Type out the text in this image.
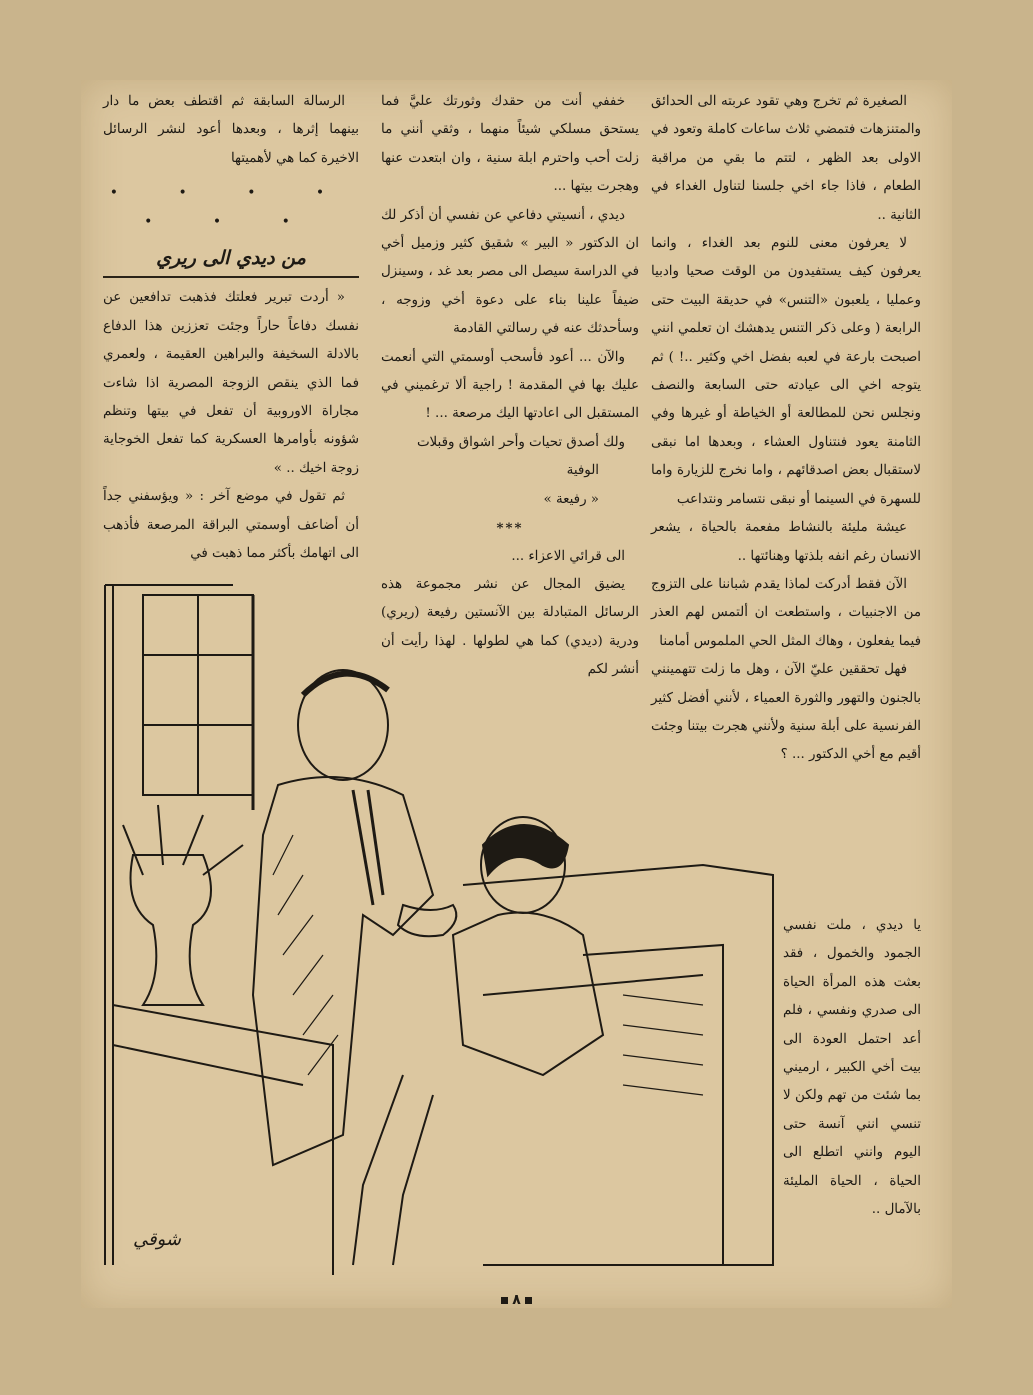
الصغيرة ثم تخرج وهي تقود عربته الى الحدائق والمتنزهات فتمضي ثلاث ساعات كاملة وتعود في الاولى بعد الظهر ، لتتم ما بقي من مراقبة الطعام ، فاذا جاء اخي جلسنا لتناول الغداء في الثانية ..

لا يعرفون معنى للنوم بعد الغداء ، وانما يعرفون كيف يستفيدون من الوقت صحيا وادبيا وعمليا ، يلعبون «التنس» في حديقة البيت حتى الرابعة ( وعلى ذكر التنس يدهشك ان تعلمي انني اصبحت بارعة في لعبه بفضل اخي وكثير ..! ) ثم يتوجه اخي الى عيادته حتى السابعة والنصف ونجلس نحن للمطالعة أو الخياطة أو غيرها وفي الثامنة يعود فنتناول العشاء ، وبعدها اما نبقى لاستقبال بعض اصدقائهم ، واما نخرج للزيارة واما للسهرة في السينما أو نبقى نتسامر ونتداعب

عيشة مليئة بالنشاط مفعمة بالحياة ، يشعر الانسان رغم انفه بلذتها وهنائتها ..

الآن فقط أدركت لماذا يقدم شباننا على التزوج من الاجنبيات ، واستطعت ان ألتمس لهم العذر فيما يفعلون ، وهاك المثل الحي الملموس أمامنا

فهل تحققين عليّ الآن ، وهل ما زلت تتهمينني بالجنون والتهور والثورة العمياء ، لأنني أفضل كثير الفرنسية على أبلة سنية ولأنني هجرت بيتنا وجئت أقيم مع أخي الدكتور ... ؟

يا ديدي ، ملت نفسي الجمود والخمول ، فقد بعثت هذه المرأة الحياة الى صدري ونفسي ، فلم أعد احتمل العودة الى بيت أخي الكبير ، ارميني بما شئت من تهم ولكن لا تنسي انني آنسة حتى اليوم وانني اتطلع الى الحياة ، الحياة المليئة بالآمال ..

خففي أنت من حقدك وثورتك عليَّ فما يستحق مسلكي شيئاً منهما ، وثقي أنني ما زلت أحب واحترم ابلة سنية ، وان ابتعدت عنها وهجرت بيتها ...

ديدي ، أنسيتي دفاعي عن نفسي أن أذكر لك ان الدكتور « البير » شقيق كثير وزميل أخي في الدراسة سيصل الى مصر بعد غد ، وسينزل ضيفاً علينا بناء على دعوة أخي وزوجه ، وسأحدثك عنه في رسالتي القادمة

والآن ... أعود فأسحب أوسمتي التي أنعمت عليك بها في المقدمة ! راجية ألا ترغميني في المستقبل الى اعادتها اليك مرصعة ... !

ولك أصدق تحيات وأحر اشواق وقبلات

الوفية
« رفيعة »
***

الى قرائي الاعزاء ...

يضيق المجال عن نشر مجموعة هذه الرسائل المتبادلة بين الآنستين رفيعة (ريري) ودرية (ديدي) كما هي لطولها . لهذا رأيت أن أنشر لكم

الرسالة السابقة ثم اقتطف بعض ما دار بينهما إثرها ، وبعدها أعود لنشر الرسائل الاخيرة كما هي لأهميتها

• • • • • • •
من ديدي الى ريري

« أردت تبرير فعلتك فذهبت تدافعين عن نفسك دفاعاً حاراً وجئت تعززين هذا الدفاع بالادلة السخيفة والبراهين العقيمة ، ولعمري فما الذي ينقص الزوجة المصرية اذا شاءت مجاراة الاوروبية أن تفعل في بيتها وتنظم شؤونه بأوامرها العسكرية كما تفعل الخوجاية زوجة اخيك .. »

ثم تقول في موضع آخر : « ويؤسفني جداً أن أضاعف أوسمتي البراقة المرصعة فأذهب الى اتهامك بأكثر مما ذهبت في

شوقي
٨
